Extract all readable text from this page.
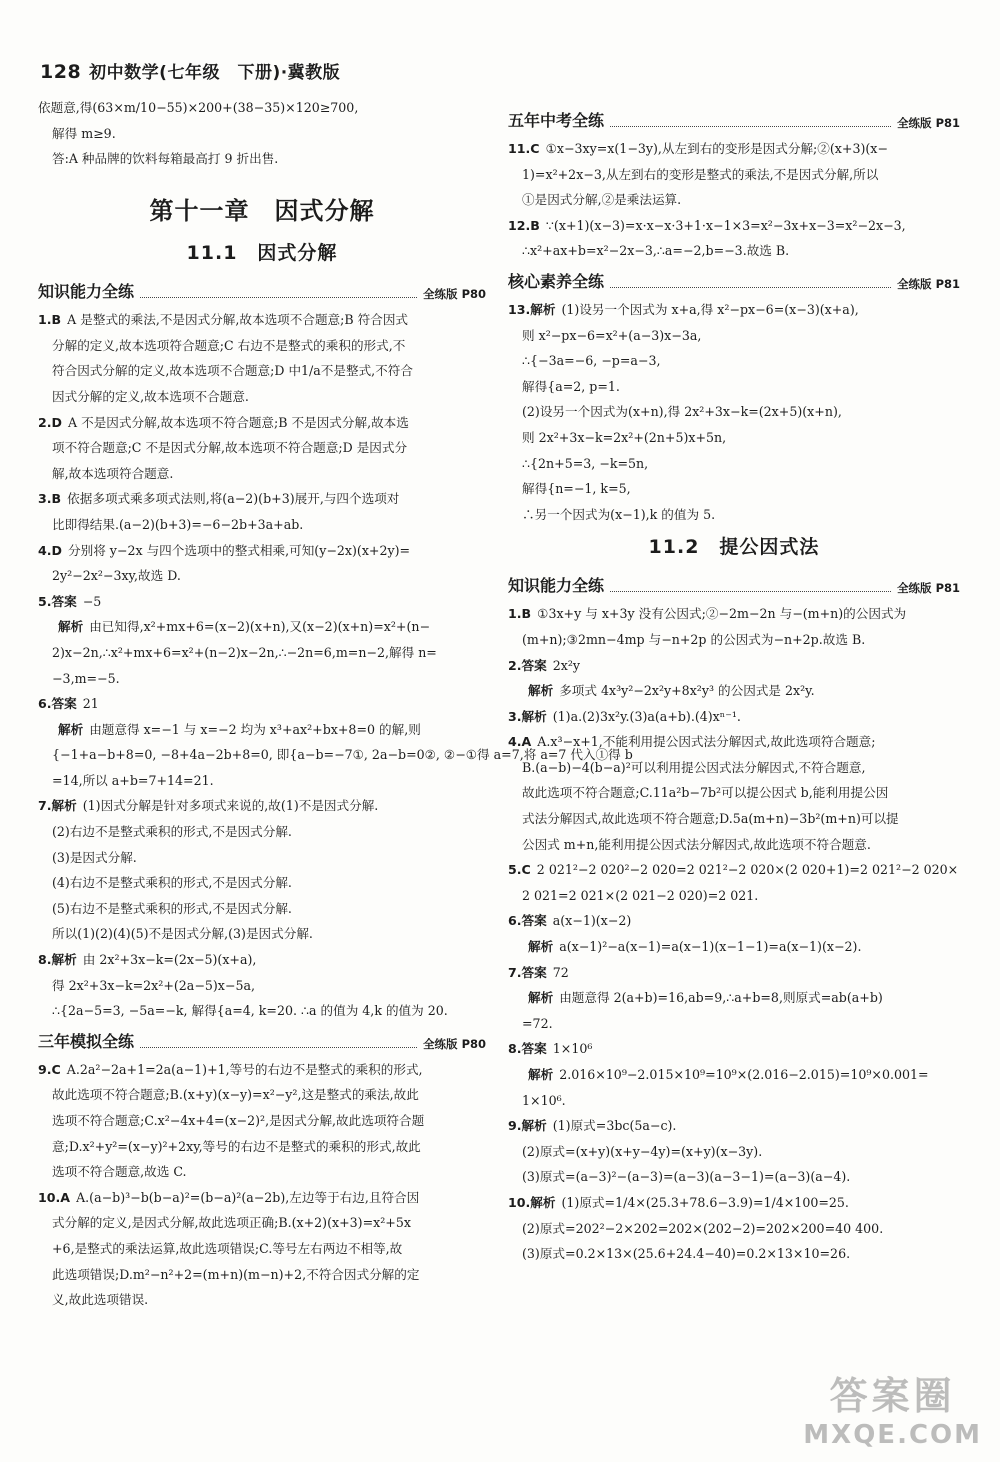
128 初中数学(七年级　下册)·冀教版
依题意,得(63×m/10−55)×200+(38−35)×120≥700,
解得 m≥9.
答:A 种品牌的饮料每箱最高打 9 折出售.
第十一章　因式分解
11.1　因式分解
知识能力全练	全练版 P80
1.B A 是整式的乘法,不是因式分解,故本选项不合题意;B 符合因式
分解的定义,故本选项符合题意;C 右边不是整式的乘积的形式,不
符合因式分解的定义,故本选项不合题意;D 中1/a不是整式,不符合
因式分解的定义,故本选项不合题意.
2.D A 不是因式分解,故本选项不符合题意;B 不是因式分解,故本选
项不符合题意;C 不是因式分解,故本选项不符合题意;D 是因式分
解,故本选项符合题意.
3.B 依据多项式乘多项式法则,将(a−2)(b+3)展开,与四个选项对
比即得结果.(a−2)(b+3)=−6−2b+3a+ab.
4.D 分别将 y−2x 与四个选项中的整式相乘,可知(y−2x)(x+2y)=
2y²−2x²−3xy,故选 D.
5.答案 −5
解析 由已知得,x²+mx+6=(x−2)(x+n),又(x−2)(x+n)=x²+(n−
2)x−2n,∴x²+mx+6=x²+(n−2)x−2n,∴−2n=6,m=n−2,解得 n=
−3,m=−5.
6.答案 21
解析 由题意得 x=−1 与 x=−2 均为 x³+ax²+bx+8=0 的解,则
{−1+a−b+8=0, −8+4a−2b+8=0, 即{a−b=−7①, 2a−b=0②, ②−①得 a=7,将 a=7 代入①得 b
=14,所以 a+b=7+14=21.
7.解析 (1)因式分解是针对多项式来说的,故(1)不是因式分解.
(2)右边不是整式乘积的形式,不是因式分解.
(3)是因式分解.
(4)右边不是整式乘积的形式,不是因式分解.
(5)右边不是整式乘积的形式,不是因式分解.
所以(1)(2)(4)(5)不是因式分解,(3)是因式分解.
8.解析 由 2x²+3x−k=(2x−5)(x+a),
得 2x²+3x−k=2x²+(2a−5)x−5a,
∴{2a−5=3, −5a=−k, 解得{a=4, k=20. ∴a 的值为 4,k 的值为 20.
三年模拟全练	全练版 P80
9.C A.2a²−2a+1=2a(a−1)+1,等号的右边不是整式的乘积的形式,
故此选项不符合题意;B.(x+y)(x−y)=x²−y²,这是整式的乘法,故此
选项不符合题意;C.x²−4x+4=(x−2)²,是因式分解,故此选项符合题
意;D.x²+y²=(x−y)²+2xy,等号的右边不是整式的乘积的形式,故此
选项不符合题意,故选 C.
10.A A.(a−b)³−b(b−a)²=(b−a)²(a−2b),左边等于右边,且符合因
式分解的定义,是因式分解,故此选项正确;B.(x+2)(x+3)=x²+5x
+6,是整式的乘法运算,故此选项错误;C.等号左右两边不相等,故
此选项错误;D.m²−n²+2=(m+n)(m−n)+2,不符合因式分解的定
义,故此选项错误.
五年中考全练	全练版 P81
11.C ①x−3xy=x(1−3y),从左到右的变形是因式分解;②(x+3)(x−
1)=x²+2x−3,从左到右的变形是整式的乘法,不是因式分解,所以
①是因式分解,②是乘法运算.
12.B ∵(x+1)(x−3)=x·x−x·3+1·x−1×3=x²−3x+x−3=x²−2x−3,
∴x²+ax+b=x²−2x−3,∴a=−2,b=−3.故选 B.
核心素养全练	全练版 P81
13.解析 (1)设另一个因式为 x+a,得 x²−px−6=(x−3)(x+a),
则 x²−px−6=x²+(a−3)x−3a,
∴{−3a=−6, −p=a−3,
解得{a=2, p=1.
(2)设另一个因式为(x+n),得 2x²+3x−k=(2x+5)(x+n),
则 2x²+3x−k=2x²+(2n+5)x+5n,
∴{2n+5=3, −k=5n,
解得{n=−1, k=5,
∴另一个因式为(x−1),k 的值为 5.
11.2　提公因式法
知识能力全练	全练版 P81
1.B ①3x+y 与 x+3y 没有公因式;②−2m−2n 与−(m+n)的公因式为
(m+n);③2mn−4mp 与−n+2p 的公因式为−n+2p.故选 B.
2.答案 2x²y
解析 多项式 4x³y²−2x²y+8x²y³ 的公因式是 2x²y.
3.解析 (1)a.(2)3x²y.(3)a(a+b).(4)xⁿ⁻¹.
4.A A.x³−x+1,不能利用提公因式法分解因式,故此选项符合题意;
B.(a−b)−4(b−a)²可以利用提公因式法分解因式,不符合题意,
故此选项不符合题意;C.11a²b−7b²可以提公因式 b,能利用提公因
式法分解因式,故此选项不符合题意;D.5a(m+n)−3b²(m+n)可以提
公因式 m+n,能利用提公因式法分解因式,故此选项不符合题意.
5.C 2 021²−2 020²−2 020=2 021²−2 020×(2 020+1)=2 021²−2 020×
2 021=2 021×(2 021−2 020)=2 021.
6.答案 a(x−1)(x−2)
解析 a(x−1)²−a(x−1)=a(x−1)(x−1−1)=a(x−1)(x−2).
7.答案 72
解析 由题意得 2(a+b)=16,ab=9,∴a+b=8,则原式=ab(a+b)
=72.
8.答案 1×10⁶
解析 2.016×10⁹−2.015×10⁹=10⁹×(2.016−2.015)=10⁹×0.001=
1×10⁶.
9.解析 (1)原式=3bc(5a−c).
(2)原式=(x+y)(x+y−4y)=(x+y)(x−3y).
(3)原式=(a−3)²−(a−3)=(a−3)(a−3−1)=(a−3)(a−4).
10.解析 (1)原式=1/4×(25.3+78.6−3.9)=1/4×100=25.
(2)原式=202²−2×202=202×(202−2)=202×200=40 400.
(3)原式=0.2×13×(25.6+24.4−40)=0.2×13×10=26.
答案圈
MXQE.COM
